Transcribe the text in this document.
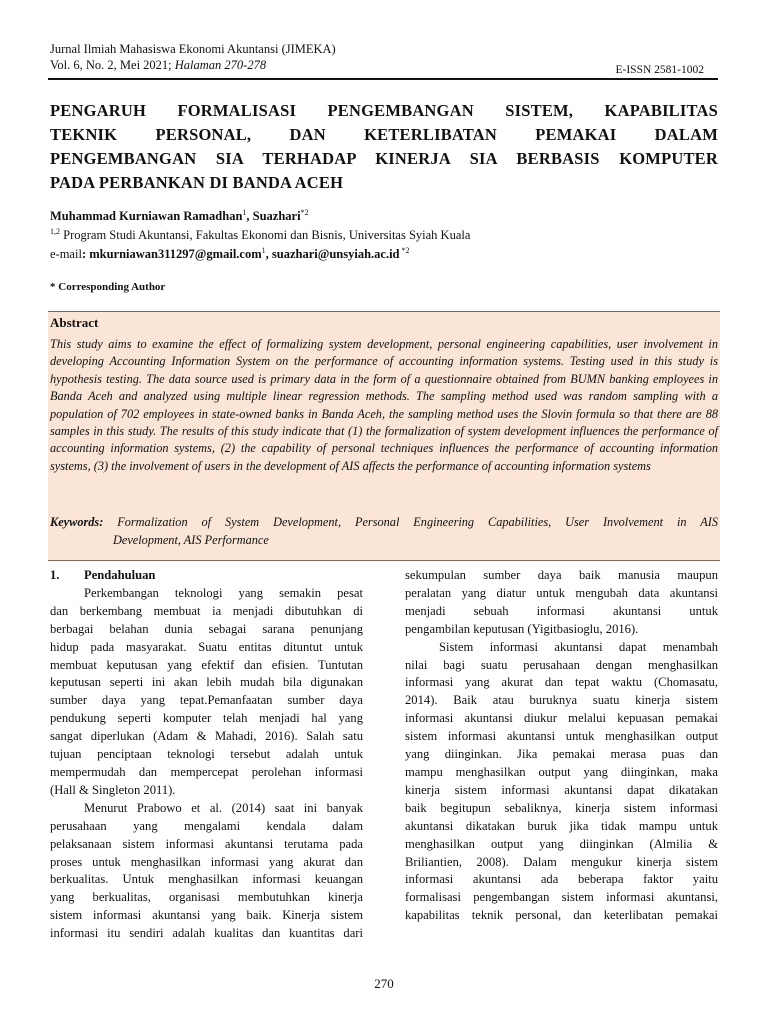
Jurnal Ilmiah Mahasiswa Ekonomi Akuntansi (JIMEKA)
Vol. 6, No. 2, Mei 2021; Halaman 270-278	E-ISSN 2581-1002
PENGARUH FORMALISASI PENGEMBANGAN SISTEM, KAPABILITAS
TEKNIK PERSONAL, DAN KETERLIBATAN PEMAKAI DALAM
PENGEMBANGAN SIA TERHADAP KINERJA SIA BERBASIS KOMPUTER
PADA PERBANKAN DI BANDA ACEH
Muhammad Kurniawan Ramadhan$^1$, Suazhari$^{*2}$
$^{1,2}$ Program Studi Akuntansi, Fakultas Ekonomi dan Bisnis, Universitas Syiah Kuala
e-mail: mkurniawan311297@gmail.com$^1$, suazhari@unsyiah.ac.id $^{*2}$
* Corresponding Author
Abstract
This study aims to examine the effect of formalizing system development, personal engineering capabilities, user involvement in developing Accounting Information System on the performance of accounting information systems. Testing used in this study is hypothesis testing. The data source used is primary data in the form of a questionnaire obtained from BUMN banking employees in Banda Aceh and analyzed using multiple linear regression methods. The sampling method used was random sampling with a population of 702 employees in state-owned banks in Banda Aceh, the sampling method uses the Slovin formula so that there are 88 samples in this study. The results of this study indicate that (1) the formalization of system development influences the performance of accounting information systems, (2) the capability of personal techniques influences the performance of accounting information systems, (3) the involvement of users in the development of AIS affects the performance of accounting information systems
Keywords: Formalization of System Development, Personal Engineering Capabilities, User Involvement in AIS
Development, AIS Performance
1. Pendahuluan
Perkembangan teknologi yang semakin pesat
dan berkembang membuat ia menjadi dibutuhkan di
berbagai belahan dunia sebagai sarana penunjang
hidup pada masyarakat. Suatu entitas dituntut untuk
membuat keputusan yang efektif dan efisien. Tuntutan
keputusan seperti ini akan lebih mudah bila digunakan
sumber daya yang tepat.Pemanfaatan sumber daya
pendukung seperti komputer telah menjadi hal yang
sangat diperlukan (Adam & Mahadi, 2016). Salah satu
tujuan penciptaan teknologi tersebut adalah untuk
mempermudah dan mempercepat perolehan informasi
(Hall & Singleton 2011).
Menurut Prabowo et al. (2014) saat ini banyak
perusahaan yang mengalami kendala dalam
pelaksanaan sistem informasi akuntansi terutama pada
proses untuk menghasilkan informasi yang akurat dan
berkualitas. Untuk menghasilkan informasi keuangan
yang berkualitas, organisasi membutuhkan kinerja
sistem informasi akuntansi yang baik. Kinerja sistem
informasi itu sendiri adalah kualitas dan kuantitas dari
sekumpulan sumber daya baik manusia maupun
peralatan yang diatur untuk mengubah data akuntansi
menjadi sebuah informasi akuntansi untuk
pengambilan keputusan (Yigitbasioglu, 2016).
Sistem informasi akuntansi dapat menambah
nilai bagi suatu perusahaan dengan menghasilkan
informasi yang akurat dan tepat waktu (Chomasatu,
2014). Baik atau buruknya suatu kinerja sistem
informasi akuntansi diukur melalui kepuasan pemakai
sistem informasi akuntansi untuk menghasilkan output
yang diinginkan. Jika pemakai merasa puas dan
mampu menghasilkan output yang diinginkan, maka
kinerja sistem informasi akuntansi dapat dikatakan
baik begitupun sebaliknya, kinerja sistem informasi
akuntansi dikatakan buruk jika tidak mampu untuk
menghasilkan output yang diinginkan (Almilia &
Briliantien, 2008). Dalam mengukur kinerja sistem
informasi akuntansi ada beberapa faktor yaitu
formalisasi pengembangan sistem informasi akuntansi,
kapabilitas teknik personal, dan keterlibatan pemakai
270
